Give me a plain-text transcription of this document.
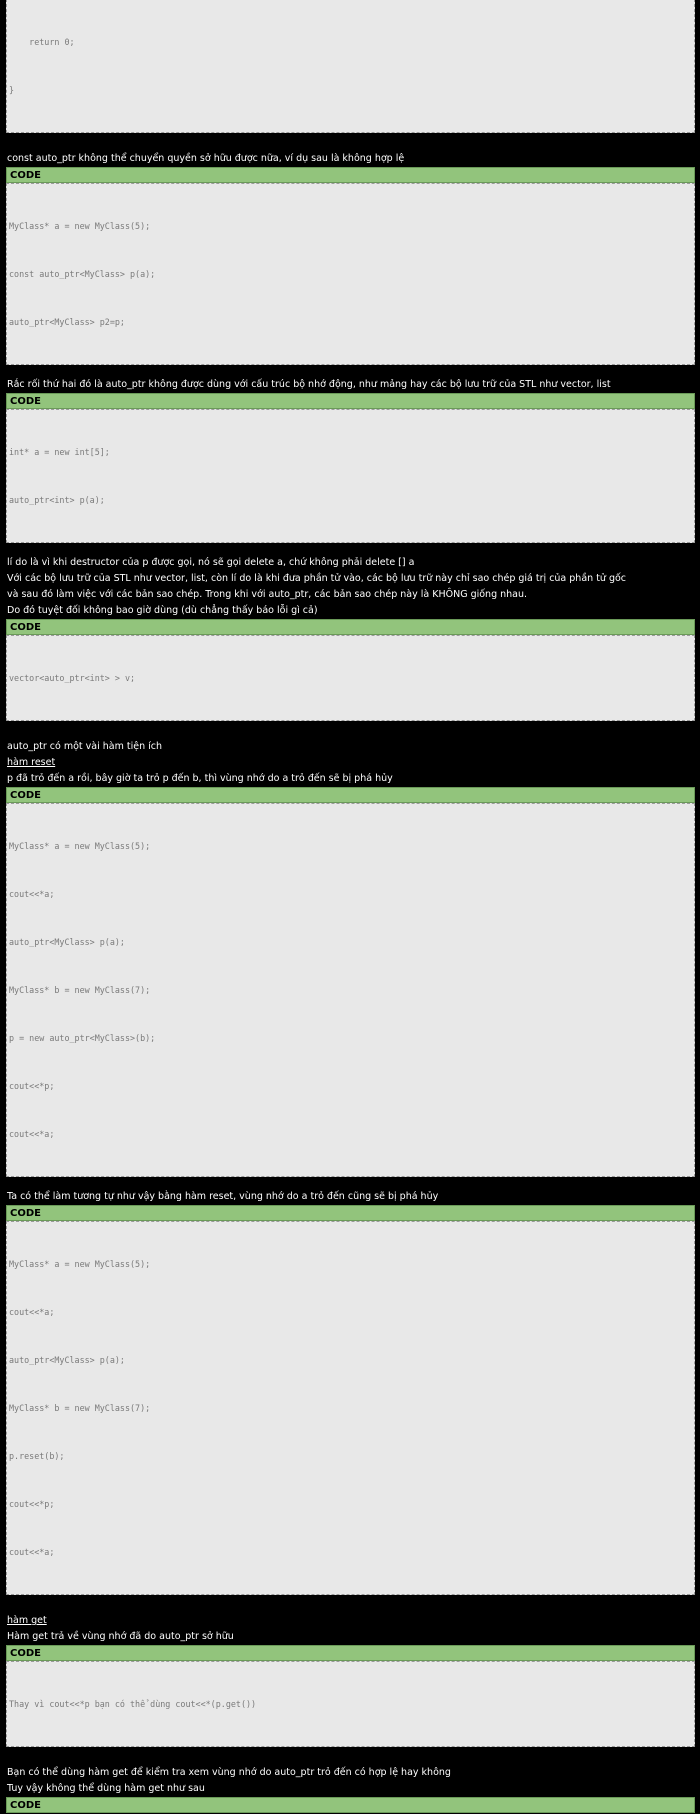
return 0;

}

const auto_ptr không thể chuyển quyền sở hữu được nữa, ví dụ sau là không hợp lệ
CODE

MyClass* a = new MyClass(5);

const auto_ptr<MyClass> p(a);

auto_ptr<MyClass> p2=p;

Rắc rối thứ hai đó là auto_ptr không được dùng với cấu trúc bộ nhớ động, như mảng hay các bộ lưu trữ của STL như vector, list
CODE

int* a = new int[5];

auto_ptr<int> p(a);

lí do là vì khi destructor của p được gọi, nó sẽ gọi delete a, chứ không phải delete [] a
Với các bộ lưu trữ của STL như vector, list, còn lí do là khi đưa phần tử vào, các bộ lưu trữ này chỉ sao chép giá trị của phần tử gốc
và sau đó làm việc với các bản sao chép. Trong khi với auto_ptr, các bản sao chép này là KHÔNG giống nhau.
Do đó tuyệt đối không bao giờ dùng (dù chẳng thấy báo lỗi gì cả)
CODE

vector<auto_ptr<int> > v;

auto_ptr có một vài hàm tiện ích
hàm reset
p đã trỏ đến a rồi, bây giờ ta trỏ p đến b, thì vùng nhớ do a trỏ đến sẽ bị phá hủy
CODE

MyClass* a = new MyClass(5);

cout<<*a;

auto_ptr<MyClass> p(a);

MyClass* b = new MyClass(7);

p = new auto_ptr<MyClass>(b);

cout<<*p;

cout<<*a;

Ta có thể làm tương tự như vậy bằng hàm reset, vùng nhớ do a trỏ đến cũng sẽ bị phá hủy
CODE

MyClass* a = new MyClass(5);

cout<<*a;

auto_ptr<MyClass> p(a);

MyClass* b = new MyClass(7);

p.reset(b);

cout<<*p;

cout<<*a;

hàm get
Hàm get trả về vùng nhớ đã do auto_ptr sở hữu
CODE

Thay vì cout<<*p bạn có thể dùng cout<<*(p.get())

Bạn có thể dùng hàm get để kiểm tra xem vùng nhớ do auto_ptr trỏ đến có hợp lệ hay không
Tuy vậy không thể dùng hàm get như sau
CODE
